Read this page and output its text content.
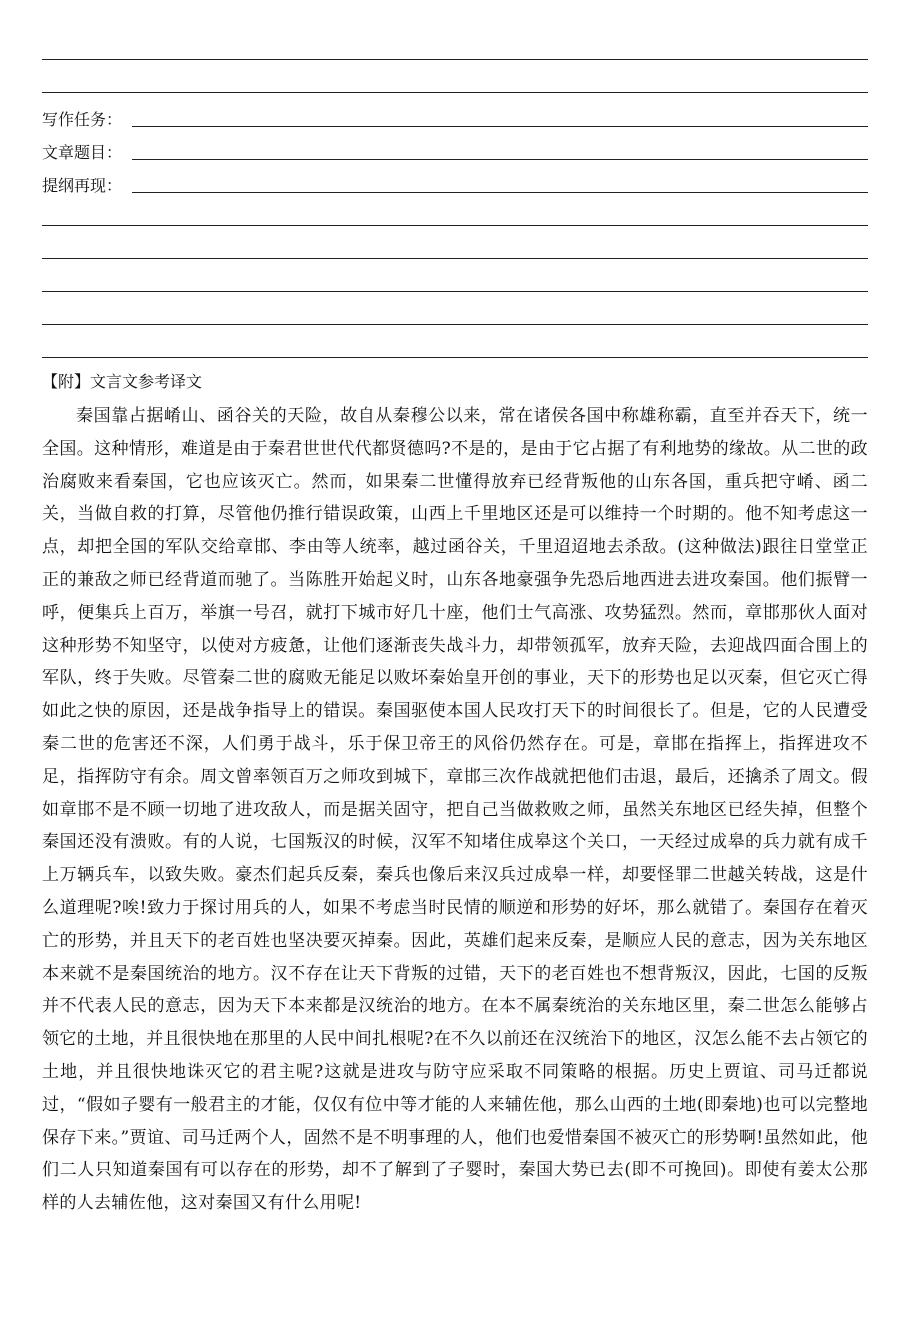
写作任务：
文章题目：
提纲再现：
【附】文言文参考译文

秦国靠占据崤山、函谷关的天险，故自从秦穆公以来，常在诸侯各国中称雄称霸，直至并吞天下，统一全国。这种情形，难道是由于秦君世世代代都贤德吗?不是的，是由于它占据了有利地势的缘故。从二世的政治腐败来看秦国，它也应该灭亡。然而，如果秦二世懂得放弃已经背叛他的山东各国，重兵把守崤、函二关，当做自救的打算，尽管他仍推行错误政策，山西上千里地区还是可以维持一个时期的。他不知考虑这一点，却把全国的军队交给章邯、李由等人统率，越过函谷关，千里迢迢地去杀敌。(这种做法)跟往日堂堂正正的兼敌之师已经背道而驰了。当陈胜开始起义时，山东各地豪强争先恐后地西进去进攻秦国。他们振臂一呼，便集兵上百万，举旗一号召，就打下城市好几十座，他们士气高涨、攻势猛烈。然而，章邯那伙人面对这种形势不知坚守，以使对方疲惫，让他们逐渐丧失战斗力，却带领孤军，放弃天险，去迎战四面合围上的军队，终于失败。尽管秦二世的腐败无能足以败坏秦始皇开创的事业，天下的形势也足以灭秦，但它灭亡得如此之快的原因，还是战争指导上的错误。秦国驱使本国人民攻打天下的时间很长了。但是，它的人民遭受秦二世的危害还不深，人们勇于战斗，乐于保卫帝王的风俗仍然存在。可是，章邯在指挥上，指挥进攻不足，指挥防守有余。周文曾率领百万之师攻到城下，章邯三次作战就把他们击退，最后，还擒杀了周文。假如章邯不是不顾一切地了进攻敌人，而是据关固守，把自己当做救败之师，虽然关东地区已经失掉，但整个秦国还没有溃败。有的人说，七国叛汉的时候，汉军不知堵住成皋这个关口，一天经过成皋的兵力就有成千上万辆兵车，以致失败。豪杰们起兵反秦，秦兵也像后来汉兵过成皋一样，却要怪罪二世越关转战，这是什么道理呢?唉!致力于探讨用兵的人，如果不考虑当时民情的顺逆和形势的好坏，那么就错了。秦国存在着灭亡的形势，并且天下的老百姓也坚决要灭掉秦。因此，英雄们起来反秦，是顺应人民的意志，因为关东地区本来就不是秦国统治的地方。汉不存在让天下背叛的过错，天下的老百姓也不想背叛汉，因此，七国的反叛并不代表人民的意志，因为天下本来都是汉统治的地方。在本不属秦统治的关东地区里，秦二世怎么能够占领它的土地，并且很快地在那里的人民中间扎根呢?在不久以前还在汉统治下的地区，汉怎么能不去占领它的土地，并且很快地诛灭它的君主呢?这就是进攻与防守应采取不同策略的根据。历史上贾谊、司马迁都说过，“假如子婴有一般君主的才能，仅仅有位中等才能的人来辅佐他，那么山西的土地(即秦地)也可以完整地保存下来。”贾谊、司马迁两个人，固然不是不明事理的人，他们也爱惜秦国不被灭亡的形势啊!虽然如此，他们二人只知道秦国有可以存在的形势，却不了解到了子婴时，秦国大势已去(即不可挽回)。即使有姜太公那样的人去辅佐他，这对秦国又有什么用呢!
